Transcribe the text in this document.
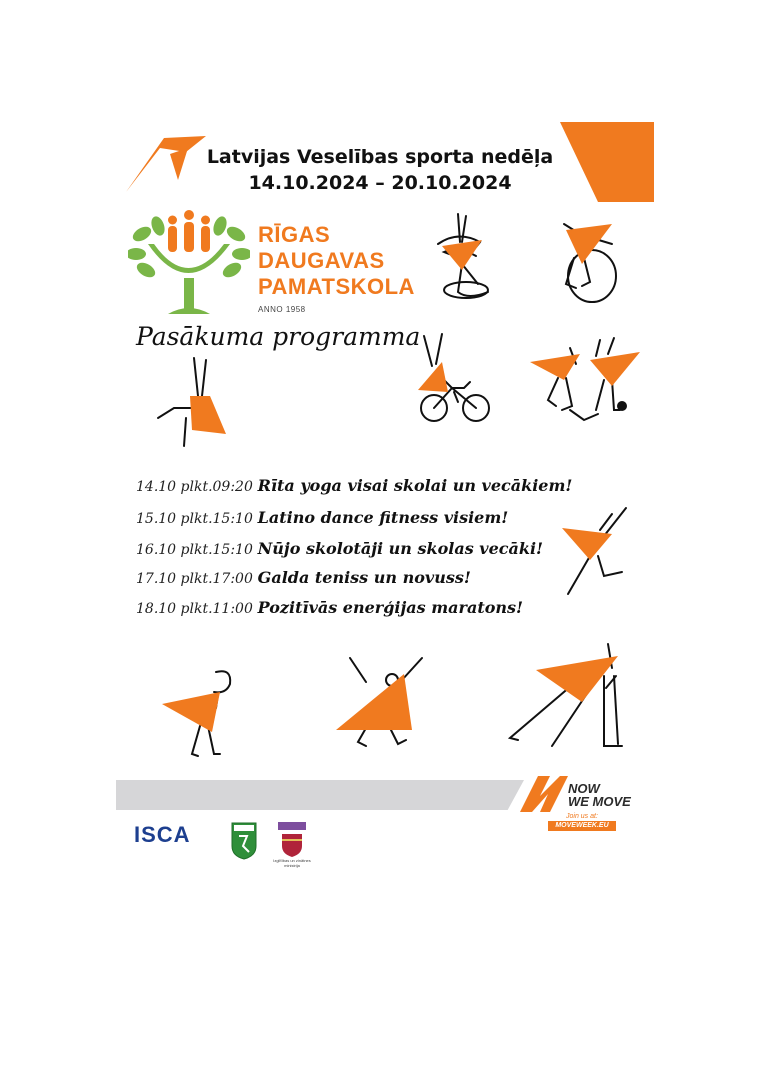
Latvijas Veselības sporta nedēļa
14.10.2024 – 20.10.2024
RĪGAS
DAUGAVAS
PAMATSKOLA
ANNO 1958
Pasākuma programma
14.10 plkt.09:20 Rīta yoga visai skolai un vecākiem!
15.10 plkt.15:10 Latino dance fitness visiem!
16.10 plkt.15:10 Nūjo skolotāji un skolas vecāki!
17.10 plkt.17:00 Galda teniss un novuss!
18.10 plkt.11:00 Pozitīvās enerģijas maratons!
NOW
WE MOVE
Join us at:
MOVEWEEK.EU
ISCA
Izglītības un zinātnes ministrija
